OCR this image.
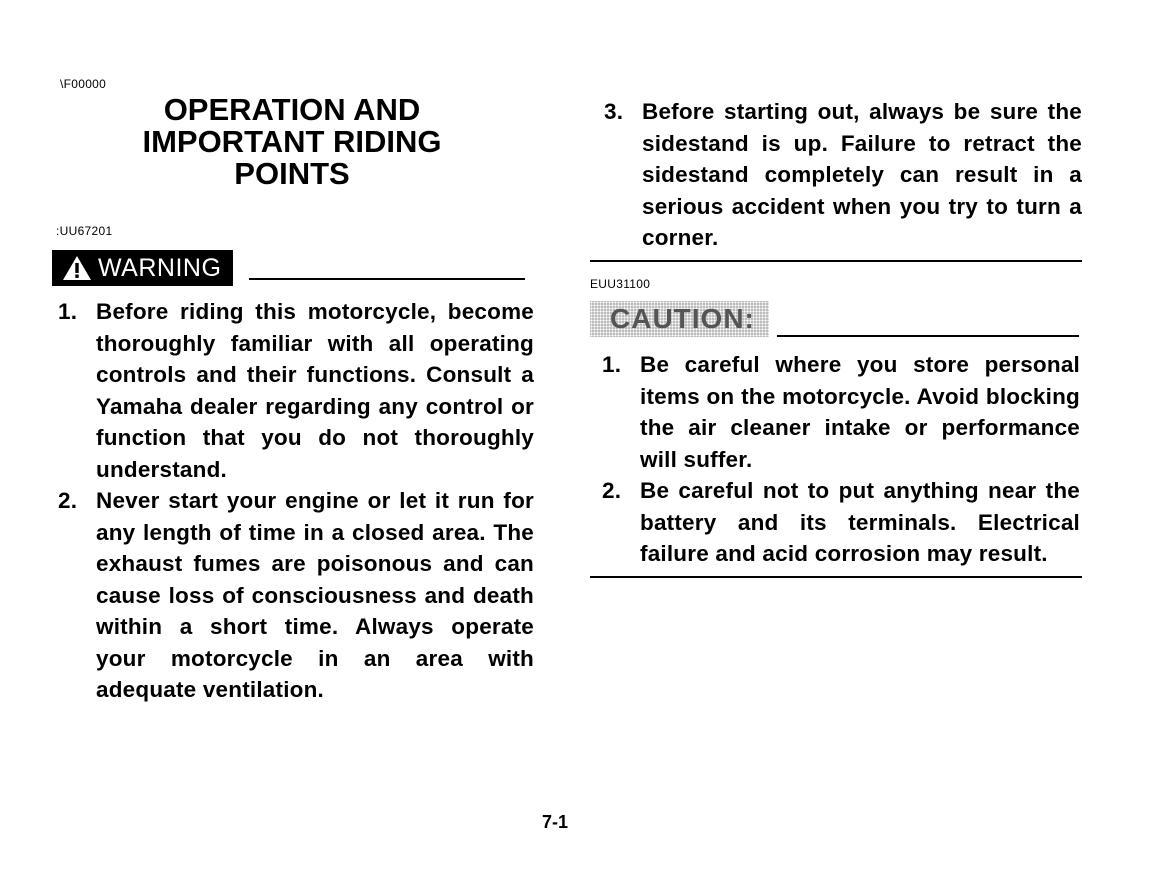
\F00000
OPERATION AND
IMPORTANT RIDING
POINTS
:UU67201
WARNING
1. Before riding this motorcycle, become thoroughly familiar with all operating controls and their functions. Consult a Yamaha dealer regarding any control or function that you do not thoroughly understand.
2. Never start your engine or let it run for any length of time in a closed area. The exhaust fumes are poisonous and can cause loss of consciousness and death within a short time. Always operate your motorcycle in an area with adequate ventilation.
3. Before starting out, always be sure the sidestand is up. Failure to retract the sidestand completely can result in a serious accident when you try to turn a corner.
EUU31100
CAUTION:
1. Be careful where you store personal items on the motorcycle. Avoid blocking the air cleaner intake or performance will suffer.
2. Be careful not to put anything near the battery and its terminals. Electrical failure and acid corrosion may result.
7-1
